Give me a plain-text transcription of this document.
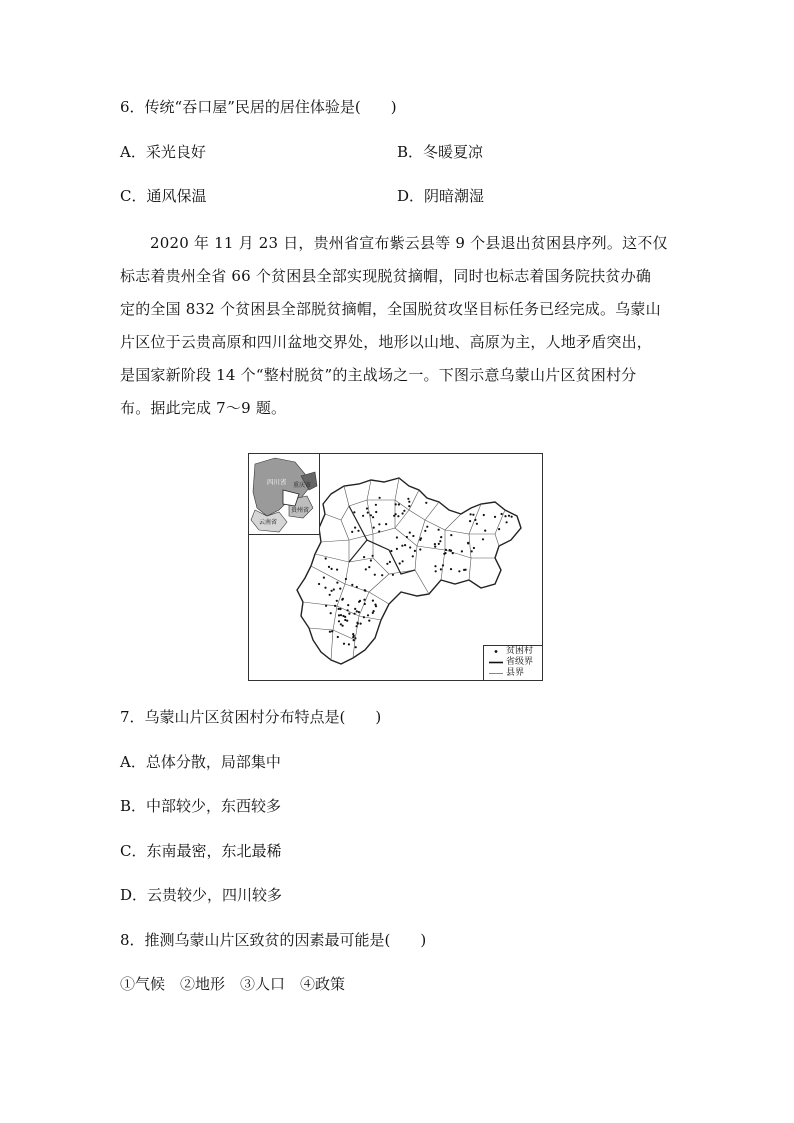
6．传统“吞口屋”民居的居住体验是(　　)
A．采光良好	B．冬暖夏凉
C．通风保温	D．阴暗潮湿
2020 年 11 月 23 日，贵州省宣布紫云县等 9 个县退出贫困县序列。这不仅
标志着贵州全省 66 个贫困县全部实现脱贫摘帽，同时也标志着国务院扶贫办确
定的全国 832 个贫困县全部脱贫摘帽，全国脱贫攻坚目标任务已经完成。乌蒙山
片区位于云贵高原和四川盆地交界处，地形以山地、高原为主，人地矛盾突出，
是国家新阶段 14 个“整村脱贫”的主战场之一。下图示意乌蒙山片区贫困村分
布。据此完成 7～9 题。
四川省 重庆市
贵州省
云南省
贫困村
省级界
县界
7．乌蒙山片区贫困村分布特点是(　　)
A．总体分散，局部集中
B．中部较少，东西较多
C．东南最密，东北最稀
D．云贵较少，四川较多
8．推测乌蒙山片区致贫的因素最可能是(　　)
①气候　②地形　③人口　④政策
